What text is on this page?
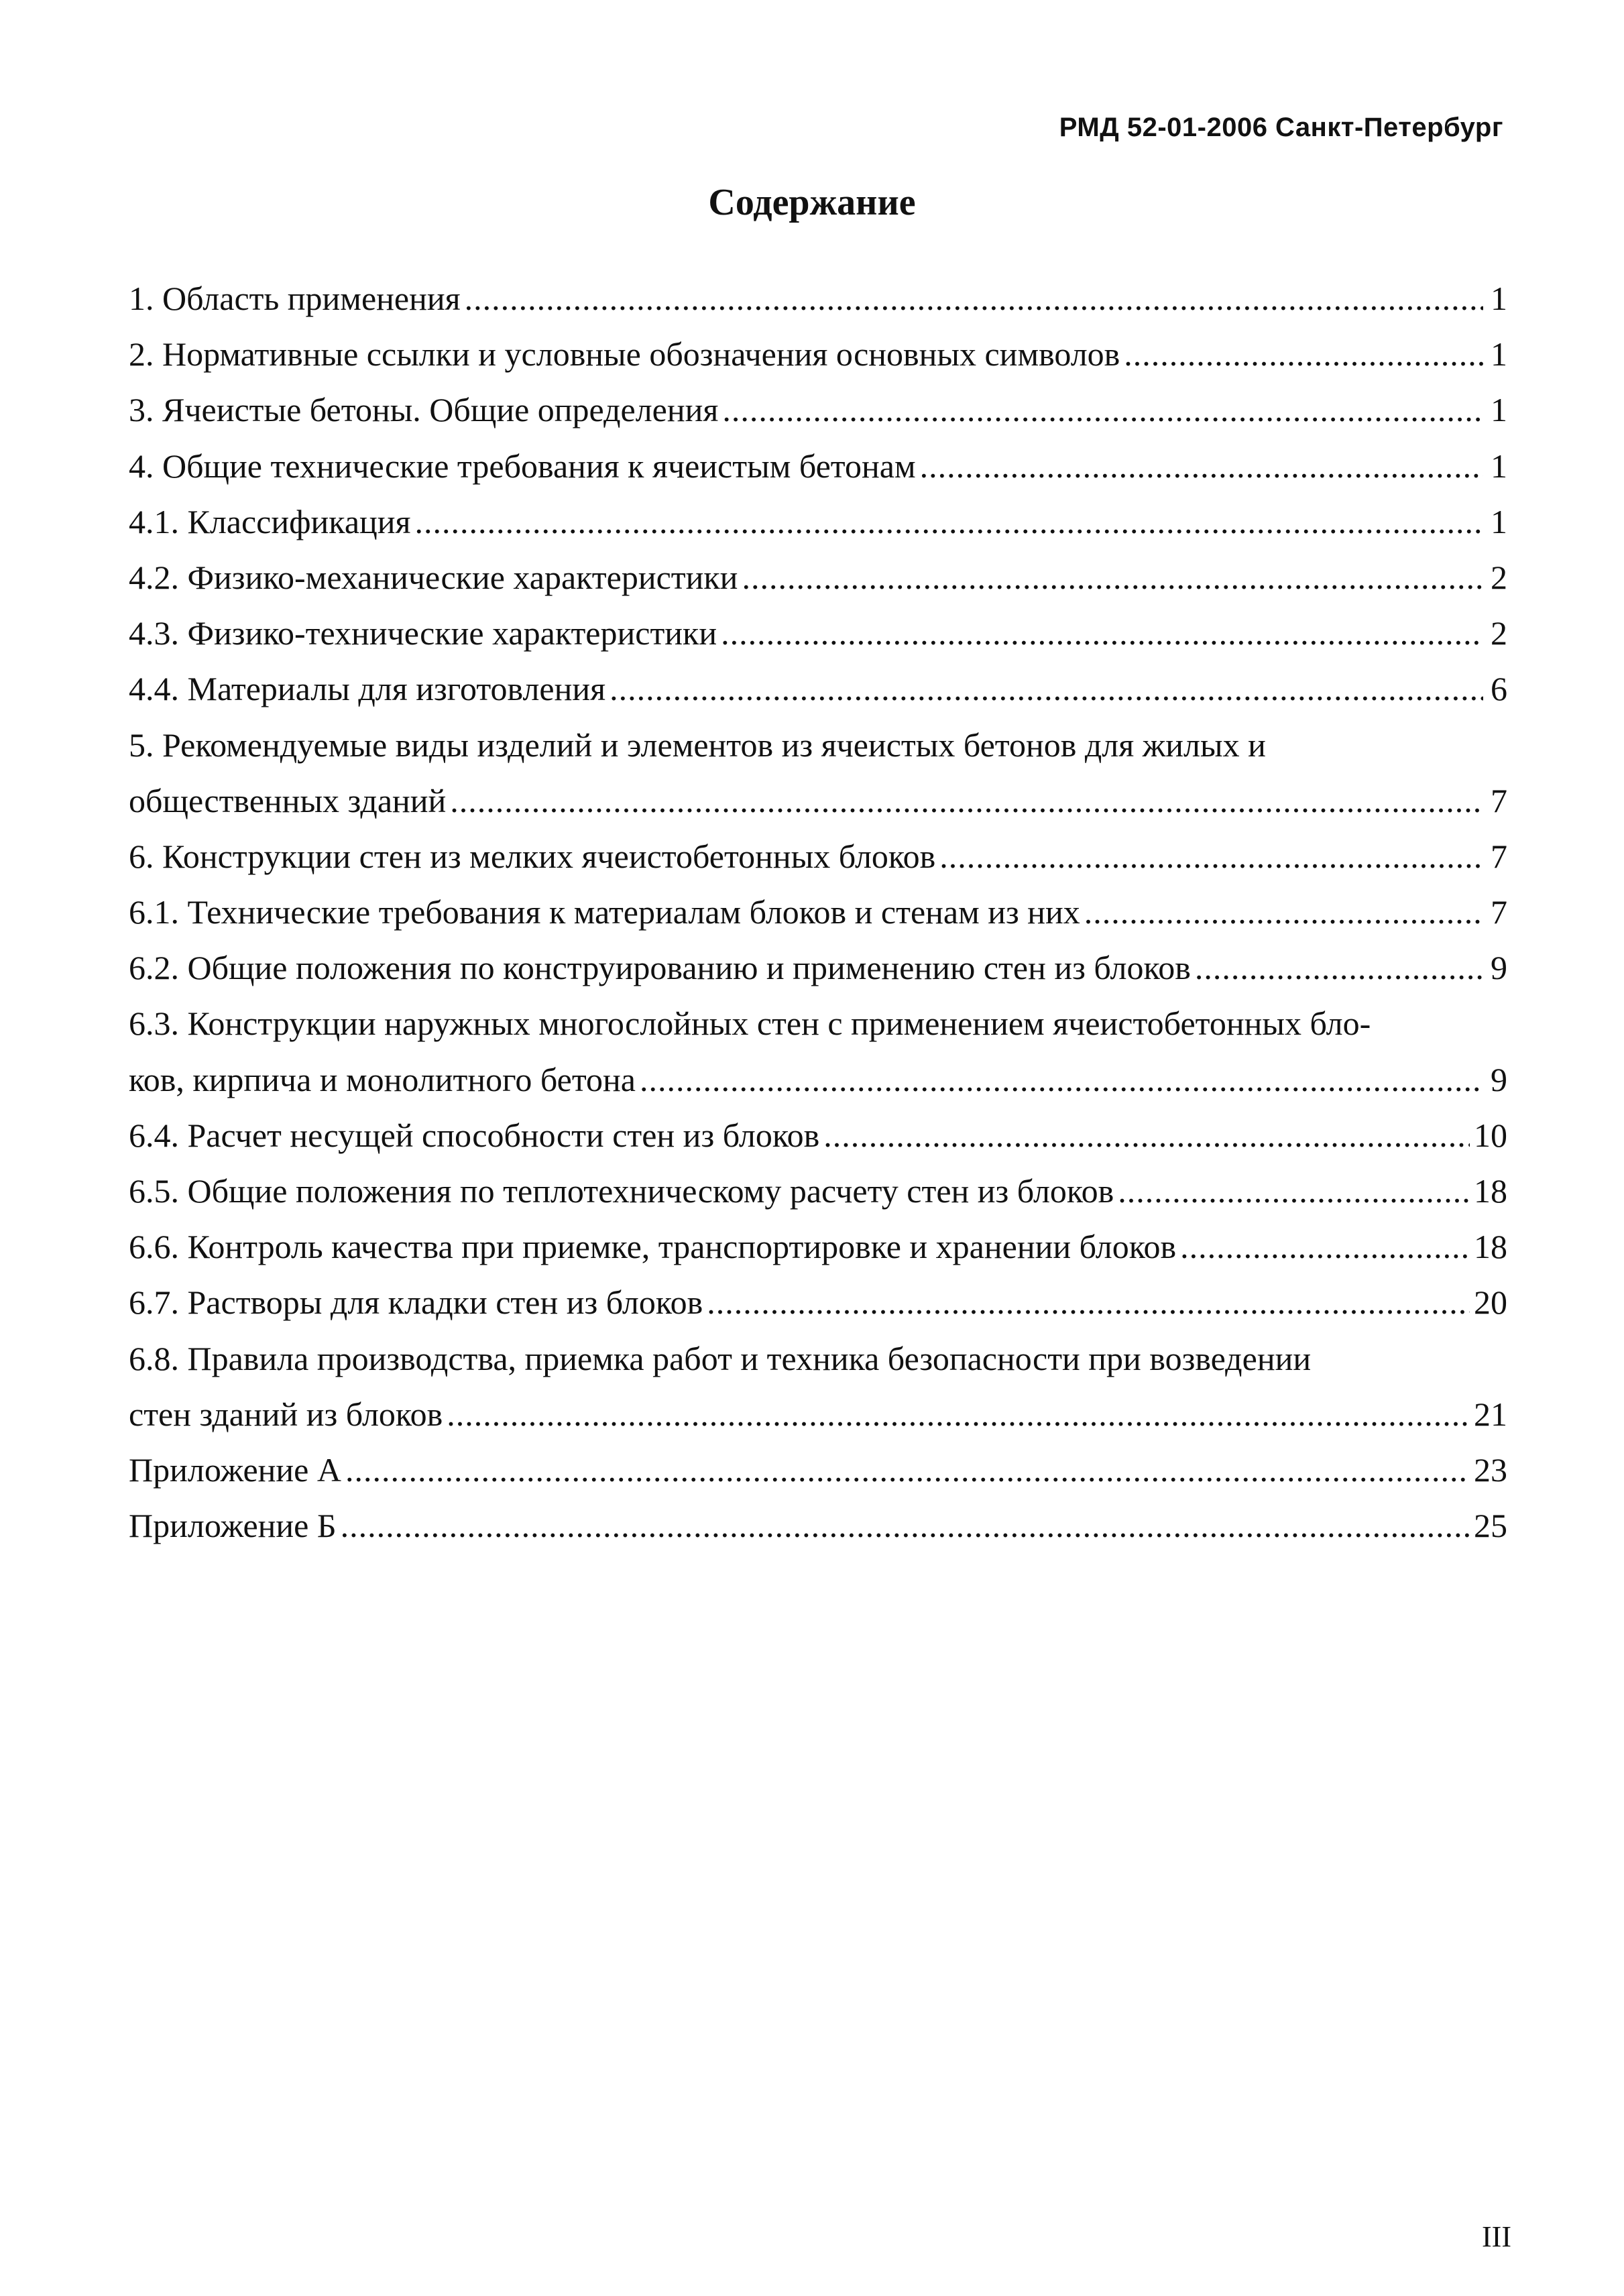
РМД 52-01-2006 Санкт-Петербург
Содержание
1. Область применения .....	1
2. Нормативные ссылки и условные обозначения основных символов .....	1
3. Ячеистые бетоны. Общие определения .....	1
4. Общие технические требования к ячеистым бетонам .....	1
4.1. Классификация .....	1
4.2. Физико-механические характеристики .....	2
4.3. Физико-технические характеристики .....	2
4.4. Материалы для изготовления .....	6
5. Рекомендуемые виды изделий и элементов из ячеистых бетонов для жилых и
общественных зданий .....	7
6. Конструкции стен из мелких ячеистобетонных блоков .....	7
6.1. Технические требования к материалам блоков и стенам из них .....	7
6.2. Общие положения по конструированию и применению стен из блоков .....	9
6.3. Конструкции наружных многослойных стен с применением ячеистобетонных бло-
ков, кирпича и монолитного бетона .....	9
6.4. Расчет несущей способности стен из блоков .....	10
6.5. Общие положения по теплотехническому расчету стен из блоков .....	18
6.6. Контроль качества при приемке, транспортировке и хранении блоков .....	18
6.7. Растворы для кладки стен из блоков .....	20
6.8. Правила производства, приемка работ и техника безопасности при возведении
стен зданий из блоков .....	21
Приложение А .....	23
Приложение Б .....	25
III
